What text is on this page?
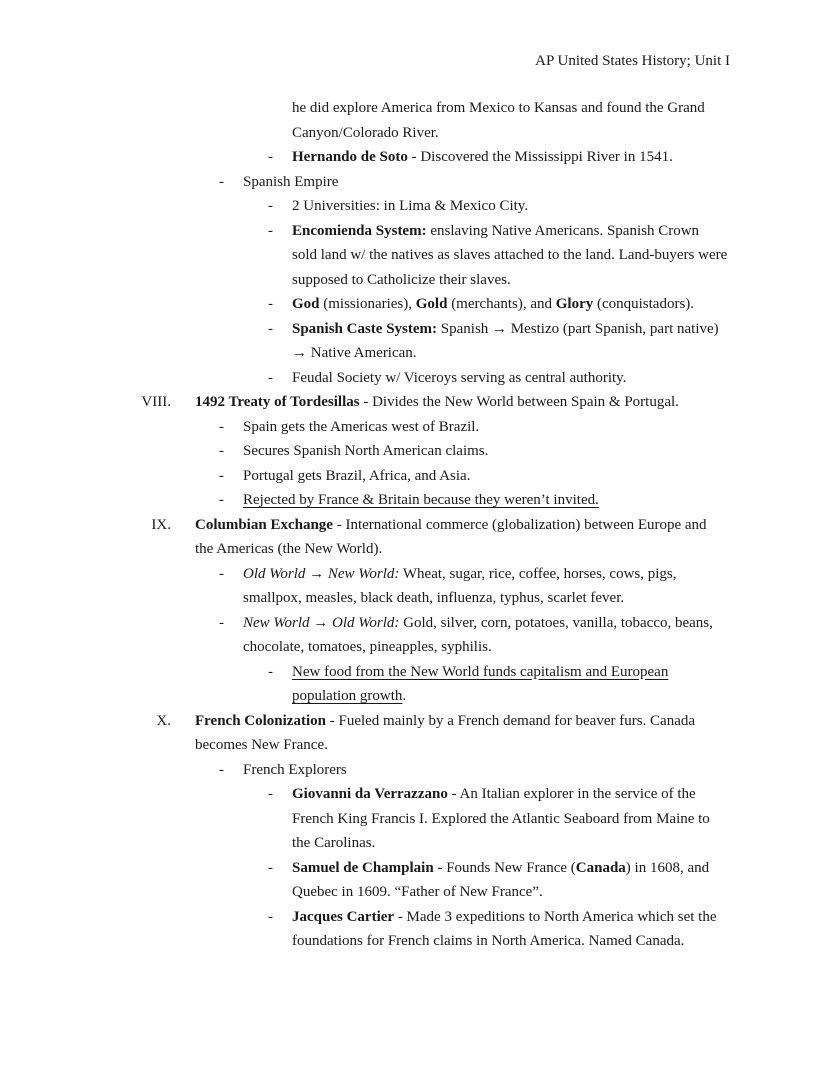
AP United States History; Unit I
he did explore America from Mexico to Kansas and found the Grand
Canyon/Colorado River.
- Hernando de Soto - Discovered the Mississippi River in 1541.
- Spanish Empire
- 2 Universities: in Lima & Mexico City.
- Encomienda System: enslaving Native Americans. Spanish Crown
sold land w/ the natives as slaves attached to the land. Land-buyers were
supposed to Catholicize their slaves.
- God (missionaries), Gold (merchants), and Glory (conquistadors).
- Spanish Caste System: Spanish → Mestizo (part Spanish, part native)
→ Native American.
- Feudal Society w/ Viceroys serving as central authority.
VIII. 1492 Treaty of Tordesillas - Divides the New World between Spain & Portugal.
- Spain gets the Americas west of Brazil.
- Secures Spanish North American claims.
- Portugal gets Brazil, Africa, and Asia.
- Rejected by France & Britain because they weren’t invited.
IX. Columbian Exchange - International commerce (globalization) between Europe and
the Americas (the New World).
- Old World → New World: Wheat, sugar, rice, coffee, horses, cows, pigs,
smallpox, measles, black death, influenza, typhus, scarlet fever.
- New World → Old World: Gold, silver, corn, potatoes, vanilla, tobacco, beans,
chocolate, tomatoes, pineapples, syphilis.
- New food from the New World funds capitalism and European
population growth.
X. French Colonization - Fueled mainly by a French demand for beaver furs. Canada
becomes New France.
- French Explorers
- Giovanni da Verrazzano - An Italian explorer in the service of the
French King Francis I. Explored the Atlantic Seaboard from Maine to
the Carolinas.
- Samuel de Champlain - Founds New France (Canada) in 1608, and
Quebec in 1609. “Father of New France”.
- Jacques Cartier - Made 3 expeditions to North America which set the
foundations for French claims in North America. Named Canada.
